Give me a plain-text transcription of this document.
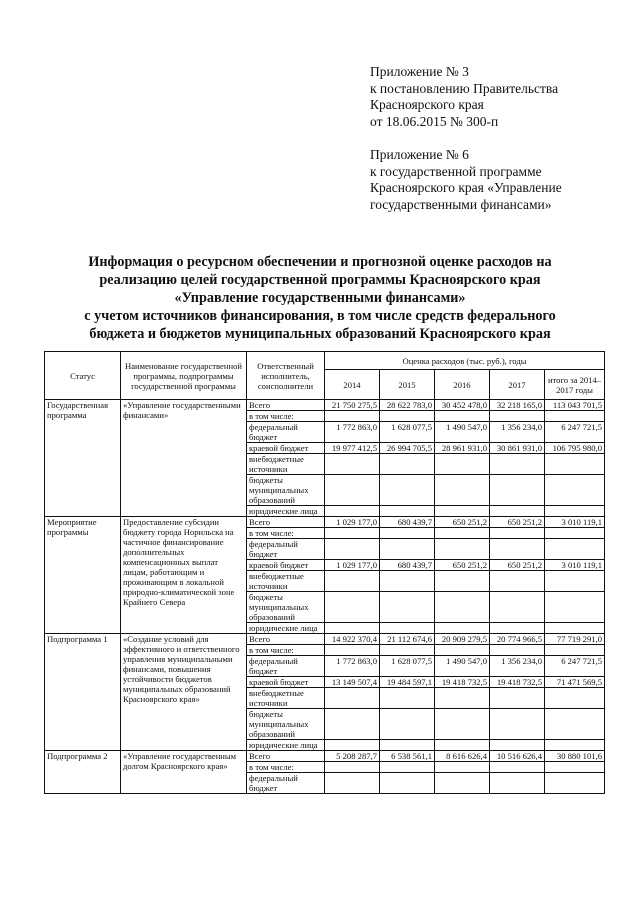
Приложение № 3
к постановлению Правительства
Красноярского края
от 18.06.2015 № 300-п
Приложение № 6
к государственной программе
Красноярского края «Управление
государственными финансами»
Информация о ресурсном обеспечении и прогнозной оценке расходов на
реализацию целей государственной программы Красноярского края
«Управление государственными финансами»
с учетом источников финансирования, в том числе средств федерального
бюджета и бюджетов муниципальных образований Красноярского края
Статус	Наименование государственной программы, подпрограммы государственной программы	Ответственный исполнитель, соисполнители	Оценка расходов (тыс. руб.), годы				
			2014	2015	2016	2017	итого за 2014–2017 годы
Государственная программа	«Управление государственными финансами»	Всего	21 750 275,5	28 622 783,0	30 452 478,0	32 218 165,0	113 043 701,5
		в том числе:					
		федеральный бюджет	1 772 863,0	1 628 077,5	1 490 547,0	1 356 234,0	6 247 721,5
		краевой бюджет	19 977 412,5	26 994 705,5	28 961 931,0	30 861 931,0	106 795 980,0
		внебюджетные источники					
		бюджеты муниципальных образований					
		юридические лица					
Мероприятие программы	Предоставление субсидии бюджету города Норильска на частичное финансирование дополнительных компенсационных выплат лицам, работающим и проживающим в локальной природно-климатической зоне Крайнего Севера	Всего	1 029 177,0	680 439,7	650 251,2	650 251,2	3 010 119,1
		в том числе:					
		федеральный бюджет					
		краевой бюджет	1 029 177,0	680 439,7	650 251,2	650 251,2	3 010 119,1
		внебюджетные источники					
		бюджеты муниципальных образований					
		юридические лица					
Подпрограмма 1	«Создание условий для эффективного и ответственного управления муниципальными финансами, повышения устойчивости бюджетов муниципальных образований Красноярского края»	Всего	14 922 370,4	21 112 674,6	20 909 279,5	20 774 966,5	77 719 291,0
		в том числе:					
		федеральный бюджет	1 772 863,0	1 628 077,5	1 490 547,0	1 356 234,0	6 247 721,5
		краевой бюджет	13 149 507,4	19 484 597,1	19 418 732,5	19 418 732,5	71 471 569,5
		внебюджетные источники					
		бюджеты муниципальных образований					
		юридические лица					
Подпрограмма 2	«Управление государственным долгом Красноярского края»	Всего	5 208 287,7	6 538 561,1	8 616 626,4	10 516 626,4	30 880 101,6
		в том числе:					
		федеральный бюджет					
